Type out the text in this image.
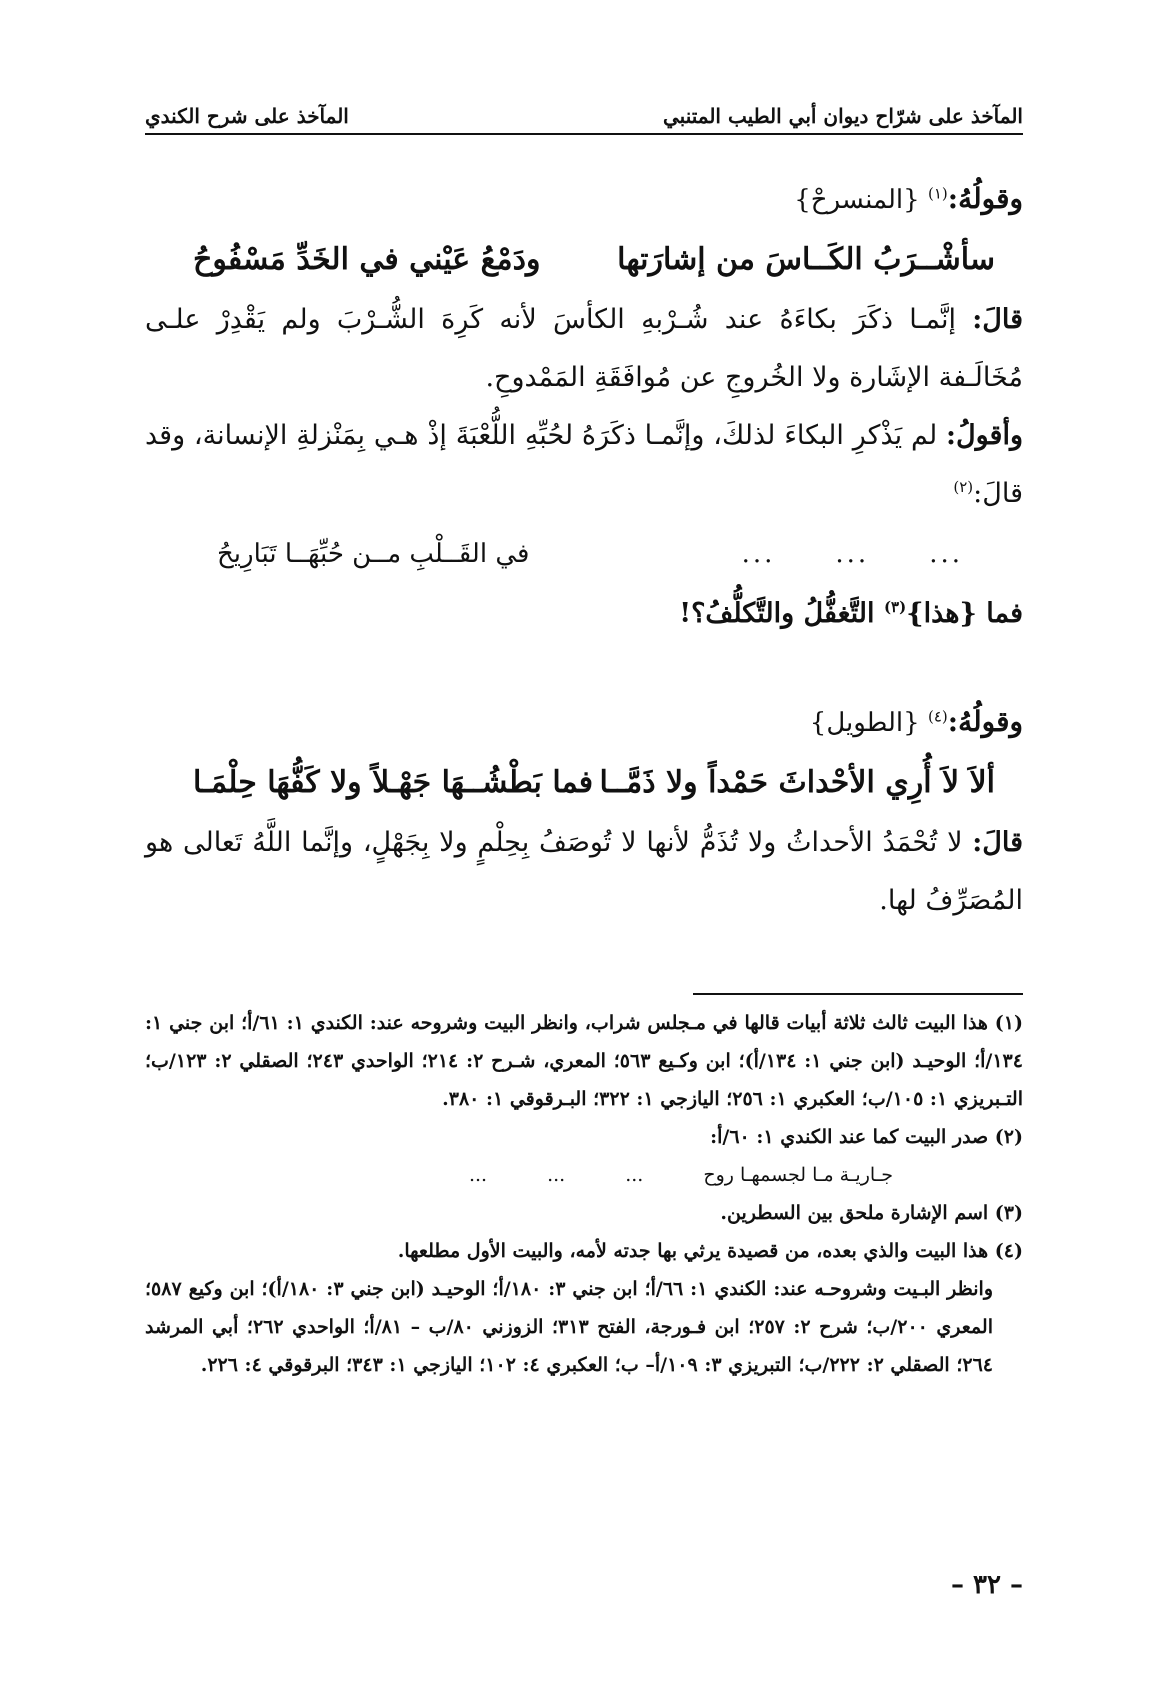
المآخذ على شرّاح ديوان أبي الطيب المتنبي
المآخذ على شرح الكندي

وقولُهُ:$^{(١)}$ {المنسرحْ}

سأشْــرَبُ الكَــاسَ من إشارَتها
ودَمْعُ عَيْني في الخَدِّ مَسْفُوحُ

قالَ: إنَّمـا ذكَرَ بكاءَهُ عند شُـرْبهِ الكأسَ لأنه كَرِهَ الشُّـرْبَ ولم يَقْدِرْ علـى مُخَالَـفة الإشَارة ولا الخُروجِ عن مُوافَقَةِ المَمْدوحِ.

وأقولُ: لم يَذْكرِ البكاءَ لذلكَ، وإنَّمـا ذكَرَهُ لحُبِّهِ اللُّعْبَةَ إذْ هـي بِمَنْزلةِ الإنسانة، وقد قالَ:$^{(٢)}$

...
...
...
في القَــلْبِ مــن حُبِّهَــا تَبَارِيحُ

فما {هذا}$^{(٣)}$ التَّغفُّلُ والتَّكلُّفُ؟!

وقولُهُ:$^{(٤)}$ {الطويل}

ألاَ لاَ أُرِي الأحْداثَ حَمْداً ولا ذَمَّــا
فما بَطْشُــهَا جَهْـلاً ولا كَفُّهَا حِلْمَـا

قالَ: لا تُحْمَدُ الأحداثُ ولا تُذَمُّ لأنها لا تُوصَفُ بِحِلْمٍ ولا بِجَهْلٍ، وإنَّما اللَّهُ تَعالى هو المُصَرِّفُ لها.

(١) هذا البيت ثالث ثلاثة أبيات قالها في مـجلس شراب، وانظر البيت وشروحه عند: الكندي ١: ٦١/أ؛ ابن جني ١: ١٣٤/أ؛ الوحيـد (ابن جني ١: ١٣٤/أ)؛ ابن وكـيع ٥٦٣؛ المعري، شـرح ٢: ٢١٤؛ الواحدي ٢٤٣؛ الصقلي ٢: ١٢٣/ب؛ التـبريزي ١: ١٠٥/ب؛ العكبري ١: ٢٥٦؛ اليازجي ١: ٣٢٢؛ البـرقوقي ١: ٣٨٠.

(٢) صدر البيت كما عند الكندي ١: ٦٠/أ:

جـاريـة مـا لجسمهـا روح
...
...
...

(٣) اسم الإشارة ملحق بين السطرين.

(٤) هذا البيت والذي بعده، من قصيدة يرثي بها جدته لأمه، والبيت الأول مطلعها.

وانظر البـيت وشروحـه عند: الكندي ١: ٦٦/أ؛ ابن جني ٣: ١٨٠/أ؛ الوحيـد (ابن جني ٣: ١٨٠/أ)؛ ابن وكيع ٥٨٧؛ المعري ٢٠٠/ب؛ شرح ٢: ٢٥٧؛ ابن فـورجة، الفتح ٣١٣؛ الزوزني ٨٠/ب – ٨١/أ؛ الواحدي ٢٦٢؛ أبي المرشد ٢٦٤؛ الصقلي ٢: ٢٢٢/ب؛ التبريزي ٣: ١٠٩/أ– ب؛ العكبري ٤: ١٠٢؛ اليازجي ١: ٣٤٣؛ البرقوقي ٤: ٢٢٦.

– ٣٢ –
